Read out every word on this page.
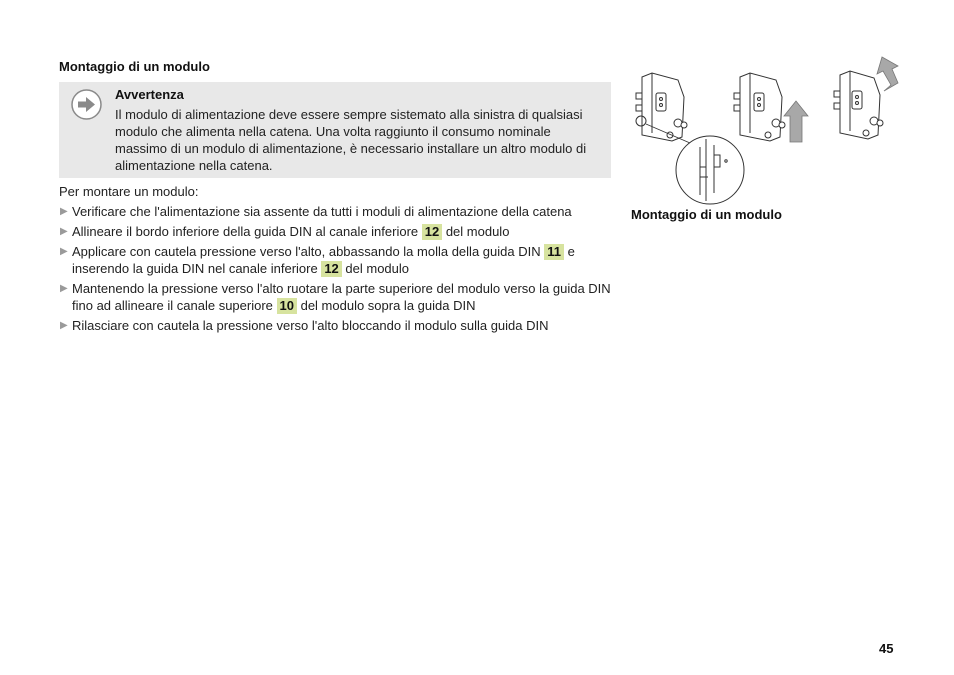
Montaggio di un modulo
Avvertenza
Il modulo di alimentazione deve essere sempre sistemato alla sinistra di qualsiasi modulo che alimenta nella catena. Una volta raggiunto il consumo nominale massimo di un modulo di alimentazione, è necessario installare un altro modulo di alimentazione nella catena.
Per montare un modulo:
▶ Verificare che l'alimentazione sia assente da tutti i moduli di alimentazione della catena
▶ Allineare il bordo inferiore della guida DIN al canale inferiore 12 del modulo
▶ Applicare con cautela pressione verso l'alto, abbassando la molla della guida DIN 11 e inserendo la guida DIN nel canale inferiore 12 del modulo
▶ Mantenendo la pressione verso l'alto ruotare la parte superiore del modulo verso la guida DIN fino ad allineare il canale superiore 10 del modulo sopra la guida DIN
▶ Rilasciare con cautela la pressione verso l'alto bloccando il modulo sulla guida DIN
Montaggio di un modulo
45
